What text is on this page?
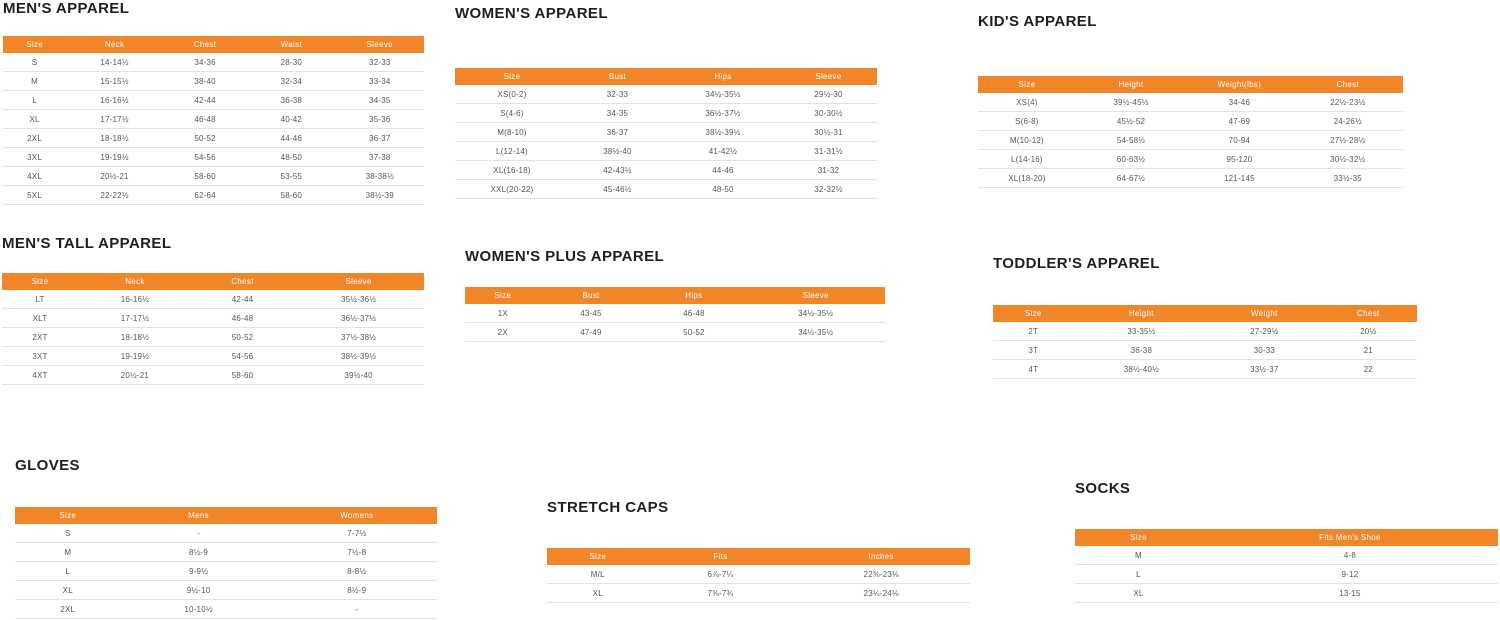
MEN'S APPAREL
Size	Neck	Chest	Waist	Sleeve
S	14-14½	34-36	28-30	32-33
M	15-15½	38-40	32-34	33-34
L	16-16½	42-44	36-38	34-35
XL	17-17½	46-48	40-42	35-36
2XL	18-18½	50-52	44-46	36-37
3XL	19-19½	54-56	48-50	37-38
4XL	20½-21	58-60	53-55	38-38½
5XL	22-22½	62-64	58-60	38½-39
WOMEN'S APPAREL
Size	Bust	Hips	Sleeve
XS(0-2)	32-33	34½-35½	29½-30
S(4-6)	34-35	36½-37½	30-30½
M(8-10)	36-37	38½-39½	30½-31
L(12-14)	38½-40	41-42½	31-31½
XL(16-18)	42-43½	44-46	31-32
XXL(20-22)	45-46½	48-50	32-32½
KID'S APPAREL
Size	Height	Weight(lbs)	Chest
XS(4)	39½-45½	34-46	22½-23½
S(6-8)	45½-52	47-69	24-26½
M(10-12)	54-58½	70-94	27½-28½
L(14-16)	60-63½	95-120	30½-32½
XL(18-20)	64-67½	121-145	33½-35
MEN'S TALL APPAREL
Size	Neck	Chest	Sleeve
LT	16-16½	42-44	35½-36½
XLT	17-17½	46-48	36½-37½
2XT	18-18½	50-52	37½-38½
3XT	19-19½	54-56	38½-39½
4XT	20½-21	58-60	39½-40
WOMEN'S PLUS APPAREL
Size	Bust	Hips	Sleeve
1X	43-45	46-48	34½-35½
2X	47-49	50-52	34½-35½
TODDLER'S APPAREL
Size	Height	Weight	Chest
2T	33-35½	27-29½	20½
3T	36-38	30-33	21
4T	38½-40½	33½-37	22
GLOVES
Size	Mens	Womens
S	-	7-7½
M	8½-9	7½-8
L	9-9½	8-8½
XL	9½-10	8½-9
2XL	10-10½	-
STRETCH CAPS
Size	Fits	Inches
M/L	6⅞-7¼	22⅜-23⅛
XL	7⅜-7¾	23¼-24⅛
SOCKS
Size	Fits Men's Shoe
M	4-8
L	9-12
XL	13-15
